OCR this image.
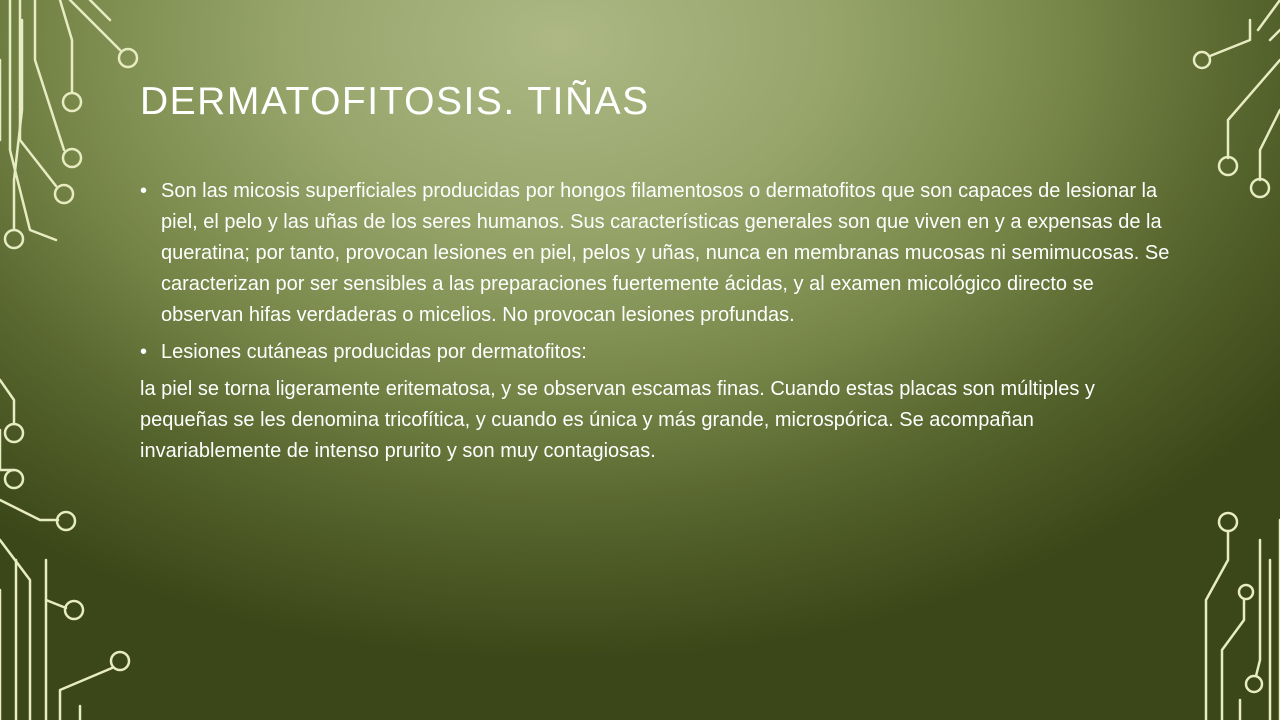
DERMATOFITOSIS. TIÑAS
• Son las micosis superficiales producidas por hongos filamentosos o dermatofitos que son capaces de lesionar la piel, el pelo y las uñas de los seres humanos. Sus características generales son que viven en y a expensas de la queratina; por tanto, provocan lesiones en piel, pelos y uñas, nunca en membranas mucosas ni semimucosas. Se caracterizan por ser sensibles a las preparaciones fuertemente ácidas, y al examen micológico directo se observan hifas verdaderas o micelios. No provocan lesiones profundas.
• Lesiones cutáneas producidas por dermatofitos:

la piel se torna ligeramente eritematosa, y se observan escamas finas. Cuando estas placas son múltiples y pequeñas se les denomina tricofítica, y cuando es única y más grande, microspórica. Se acompañan invariablemente de intenso prurito y son muy contagiosas.
